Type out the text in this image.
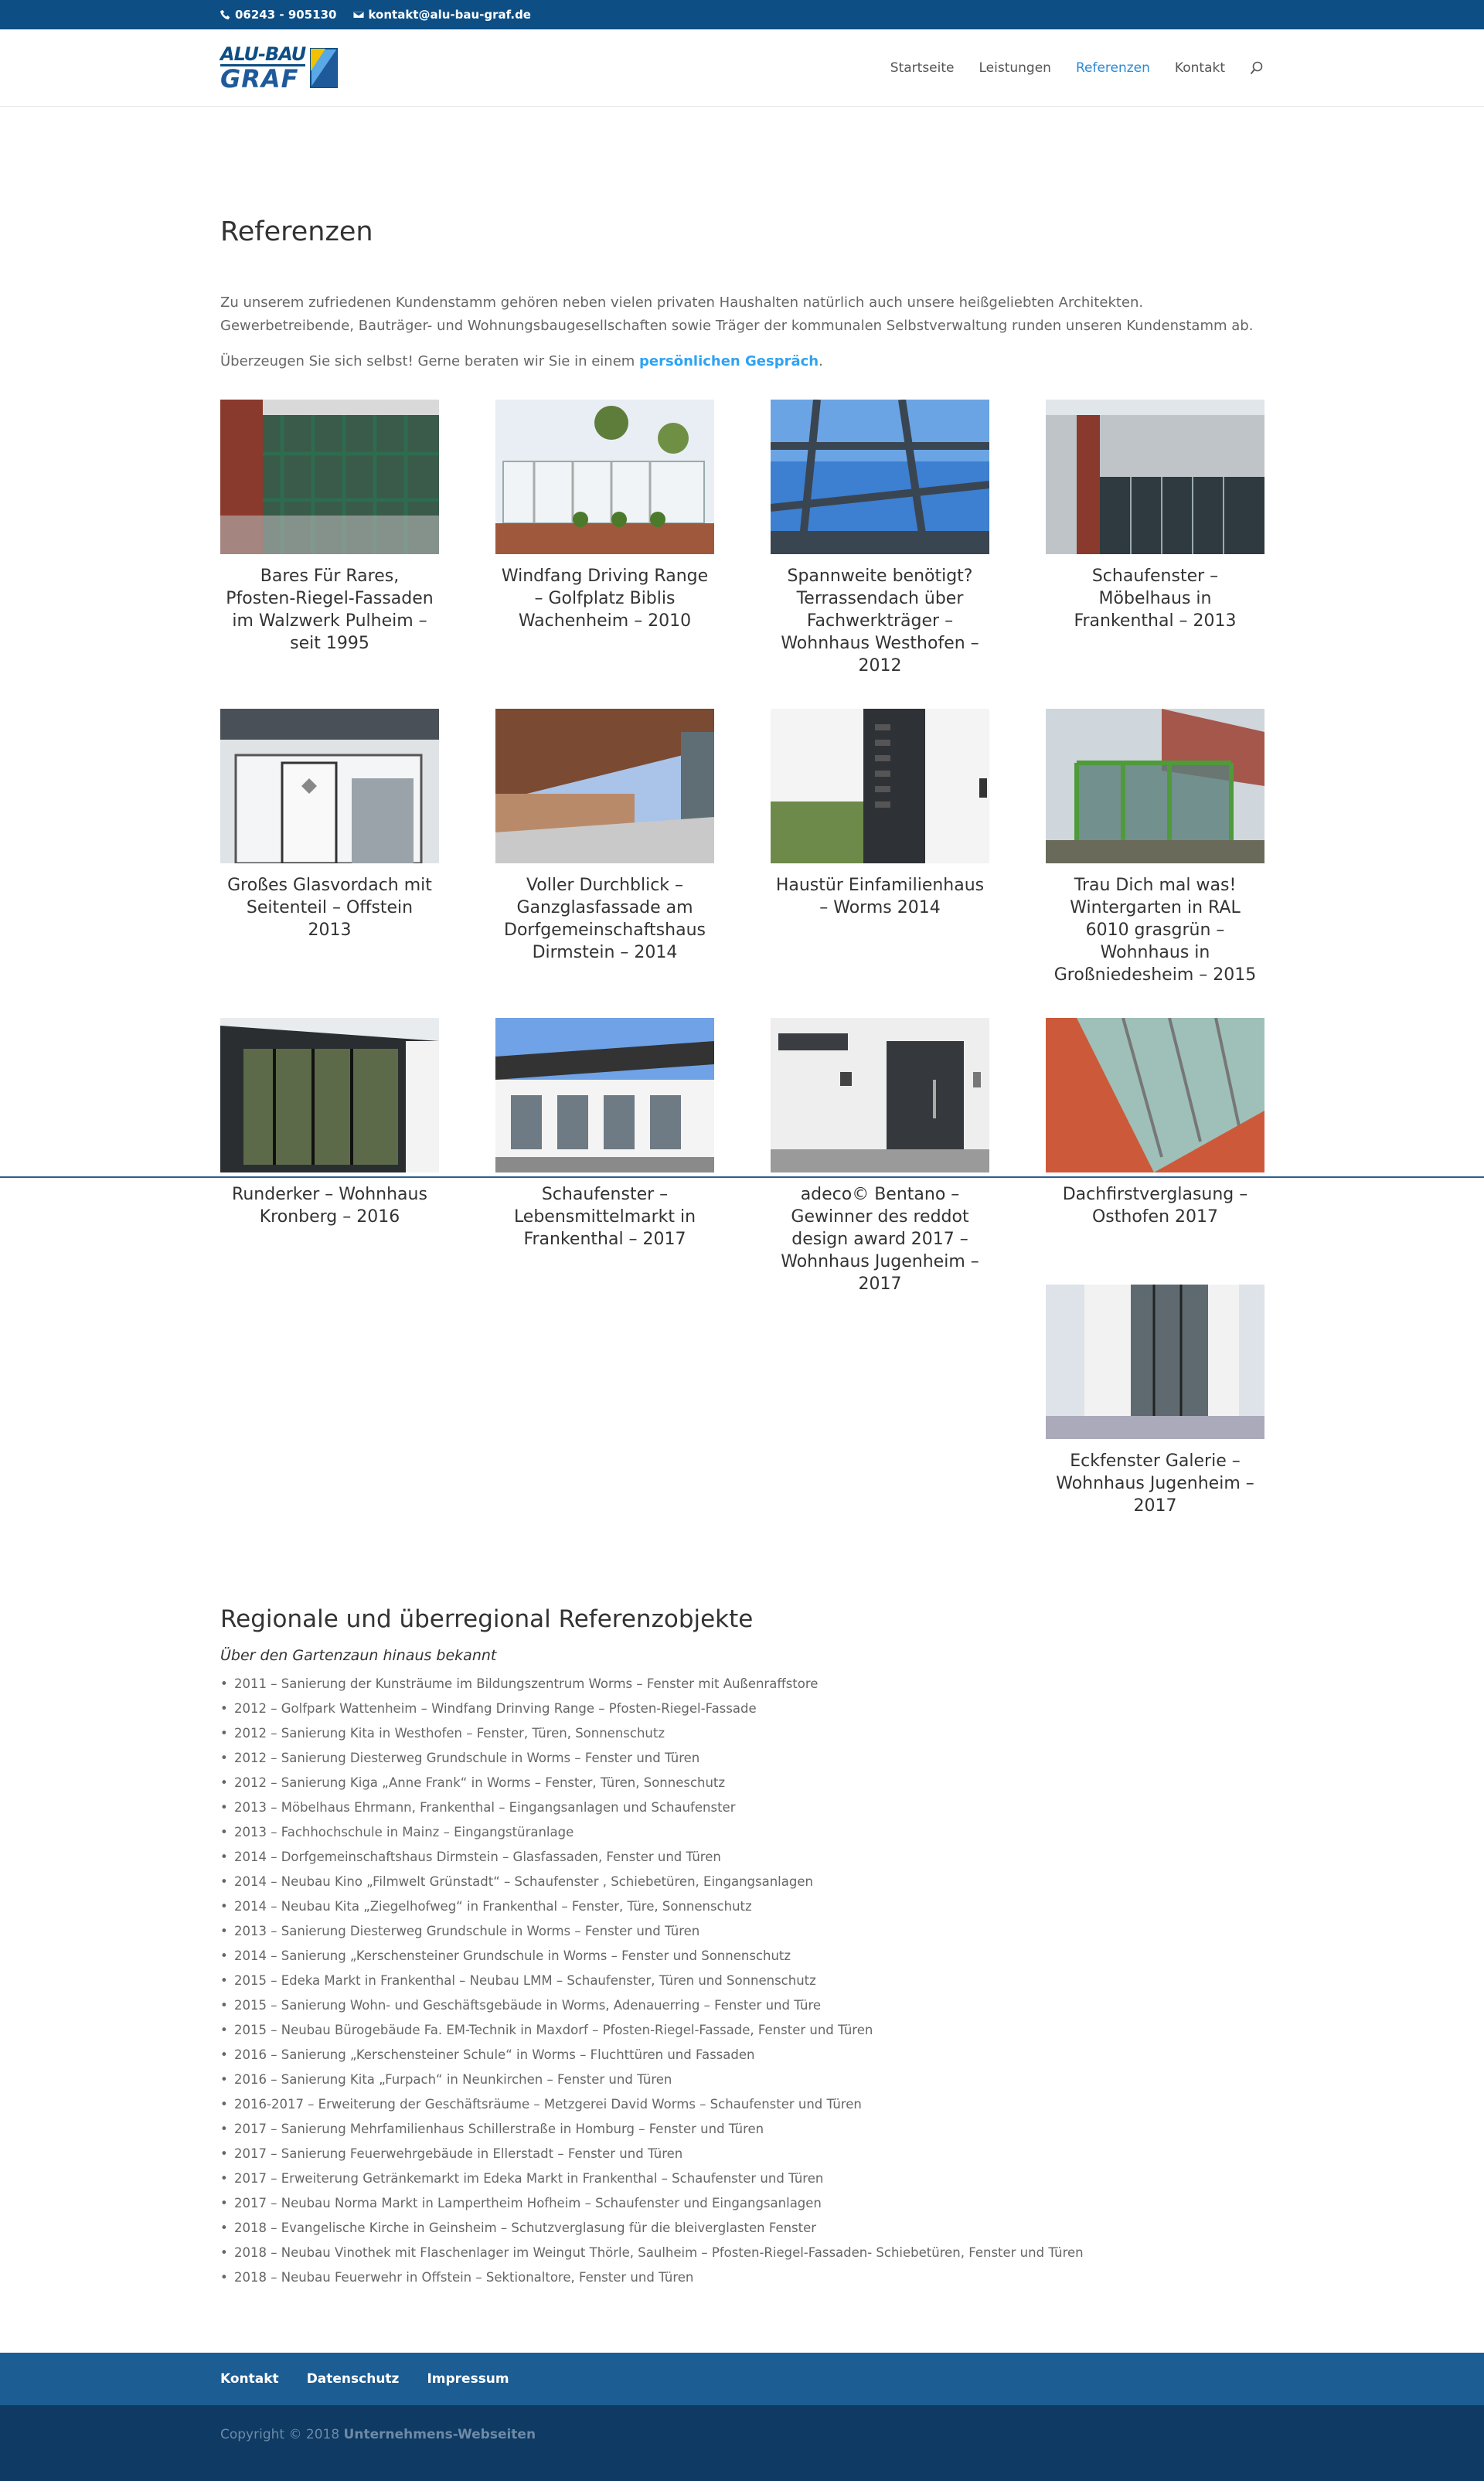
06243 - 905130	kontakt@alu-bau-graf.de
ALU-BAU
GRAF	Startseite Leistungen Referenzen Kontakt
Referenzen

Zu unserem zufriedenen Kundenstamm gehören neben vielen privaten Haushalten natürlich auch unsere heißgeliebten Architekten. Gewerbetreibende, Bauträger- und Wohnungsbaugesellschaften sowie Träger der kommunalen Selbstverwaltung runden unseren Kundenstamm ab.

Überzeugen Sie sich selbst! Gerne beraten wir Sie in einem persönlichen Gespräch.

Bares Für Rares, Pfosten-Riegel-Fassaden im Walzwerk Pulheim – seit 1995
Windfang Driving Range – Golfplatz Biblis Wachenheim – 2010
Spannweite benötigt? Terrassendach über Fachwerkträger – Wohnhaus Westhofen – 2012
Schaufenster – Möbelhaus in Frankenthal – 2013
Großes Glasvordach mit Seitenteil – Offstein 2013
Voller Durchblick – Ganzglasfassade am Dorfgemeinschaftshaus Dirmstein – 2014
Haustür Einfamilienhaus – Worms 2014
Trau Dich mal was! Wintergarten in RAL 6010 grasgrün – Wohnhaus in Großniedesheim – 2015
Runderker – Wohnhaus Kronberg – 2016
Schaufenster – Lebensmittelmarkt in Frankenthal – 2017
adeco© Bentano – Gewinner des reddot design award 2017 – Wohnhaus Jugenheim – 2017
Dachfirstverglasung – Osthofen 2017
Eckfenster Galerie – Wohnhaus Jugenheim – 2017
Regionale und überregional Referenzobjekte
Über den Gartenzaun hinaus bekannt
• 2011 – Sanierung der Kunsträume im Bildungszentrum Worms – Fenster mit Außenraffstore
• 2012 – Golfpark Wattenheim – Windfang Drinving Range – Pfosten-Riegel-Fassade
• 2012 – Sanierung Kita in Westhofen – Fenster, Türen, Sonnenschutz
• 2012 – Sanierung Diesterweg Grundschule in Worms – Fenster und Türen
• 2012 – Sanierung Kiga „Anne Frank“ in Worms – Fenster, Türen, Sonneschutz
• 2013 – Möbelhaus Ehrmann, Frankenthal – Eingangsanlagen und Schaufenster
• 2013 – Fachhochschule in Mainz – Eingangstüranlage
• 2014 – Dorfgemeinschaftshaus Dirmstein – Glasfassaden, Fenster und Türen
• 2014 – Neubau Kino „Filmwelt Grünstadt“ – Schaufenster , Schiebetüren, Eingangsanlagen
• 2014 – Neubau Kita „Ziegelhofweg“ in Frankenthal – Fenster, Türe, Sonnenschutz
• 2013 – Sanierung Diesterweg Grundschule in Worms – Fenster und Türen
• 2014 – Sanierung „Kerschensteiner Grundschule in Worms – Fenster und Sonnenschutz
• 2015 – Edeka Markt in Frankenthal – Neubau LMM – Schaufenster, Türen und Sonnenschutz
• 2015 – Sanierung Wohn- und Geschäftsgebäude in Worms, Adenauerring – Fenster und Türe
• 2015 – Neubau Bürogebäude Fa. EM-Technik in Maxdorf – Pfosten-Riegel-Fassade, Fenster und Türen
• 2016 – Sanierung „Kerschensteiner Schule“ in Worms – Fluchttüren und Fassaden
• 2016 – Sanierung Kita „Furpach“ in Neunkirchen – Fenster und Türen
• 2016-2017 – Erweiterung der Geschäftsräume – Metzgerei David Worms – Schaufenster und Türen
• 2017 – Sanierung Mehrfamilienhaus Schillerstraße in Homburg – Fenster und Türen
• 2017 – Sanierung Feuerwehrgebäude in Ellerstadt – Fenster und Türen
• 2017 – Erweiterung Getränkemarkt im Edeka Markt in Frankenthal – Schaufenster und Türen
• 2017 – Neubau Norma Markt in Lampertheim Hofheim – Schaufenster und Eingangsanlagen
• 2018 – Evangelische Kirche in Geinsheim – Schutzverglasung für die bleiverglasten Fenster
• 2018 – Neubau Vinothek mit Flaschenlager im Weingut Thörle, Saulheim – Pfosten-Riegel-Fassaden- Schiebetüren, Fenster und Türen
• 2018 – Neubau Feuerwehr in Offstein – Sektionaltore, Fenster und Türen
Kontakt Datenschutz Impressum
Copyright © 2018 Unternehmens-Webseiten
